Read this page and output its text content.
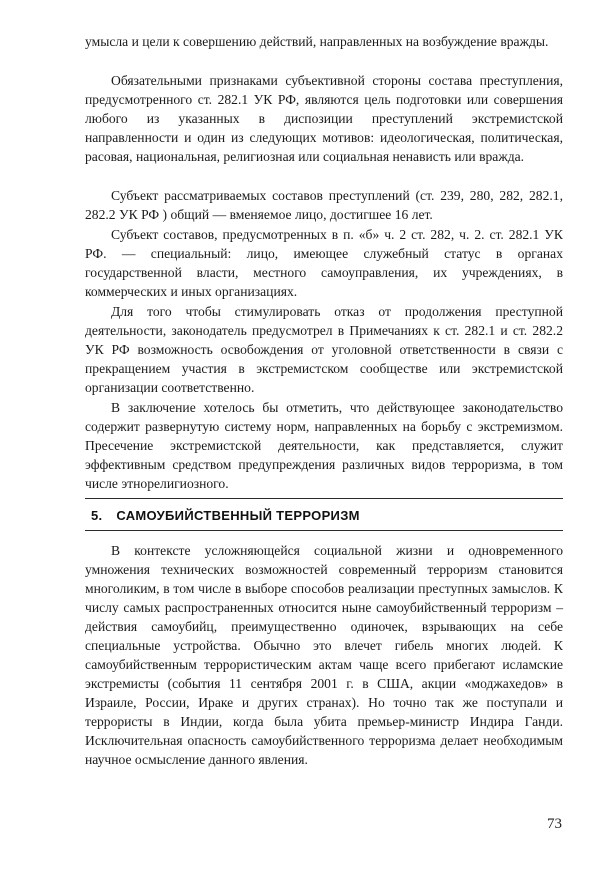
умысла и цели к совершению действий, направленных на возбуждение вражды.

Обязательными признаками субъективной стороны состава преступления, предусмотренного ст. 282.1 УК РФ, являются цель подготовки или совершения любого из указанных в диспозиции преступлений экстремистской направленности и один из следующих мотивов: идеологическая, политическая, расовая, национальная, религиозная или социальная ненависть или вражда.

Субъект рассматриваемых составов преступлений (ст. 239, 280, 282, 282.1, 282.2 УК РФ ) общий — вменяемое лицо, достигшее 16 лет.

Субъект составов, предусмотренных в п. «б» ч. 2 ст. 282, ч. 2. ст. 282.1 УК РФ. — специальный: лицо, имеющее служебный статус в органах государственной власти, местного самоуправления, их учреждениях, в коммерческих и иных организациях.

Для того чтобы стимулировать отказ от продолжения преступной деятельности, законодатель предусмотрел в Примечаниях к ст. 282.1 и ст. 282.2 УК РФ возможность освобождения от уголовной ответственности в связи с прекращением участия в экстремистском сообществе или экстремистской организации соответственно.

В заключение хотелось бы отметить, что действующее законодательство содержит развернутую систему норм, направленных на борьбу с экстремизмом. Пресечение экстремистской деятельности, как представляется, служит эффективным средством предупреждения различных видов терроризма, в том числе этнорелигиозного.

5. САМОУБИЙСТВЕННЫЙ ТЕРРОРИЗМ

В контексте усложняющейся социальной жизни и одновременного умножения технических возможностей современный терроризм становится многоликим, в том числе в выборе способов реализации преступных замыслов. К числу самых распространенных относится ныне самоубийственный терроризм – действия самоубийц, преимущественно одиночек, взрывающих на себе специальные устройства. Обычно это влечет гибель многих людей. К самоубийственным террористическим актам чаще всего прибегают исламские экстремисты (события 11 сентября 2001 г. в США, акции «моджахедов» в Израиле, России, Ираке и других странах). Но точно так же поступали и террористы в Индии, когда была убита премьер-министр Индира Ганди. Исключительная опасность самоубийственного терроризма делает необходимым научное осмысление данного явления.

73
